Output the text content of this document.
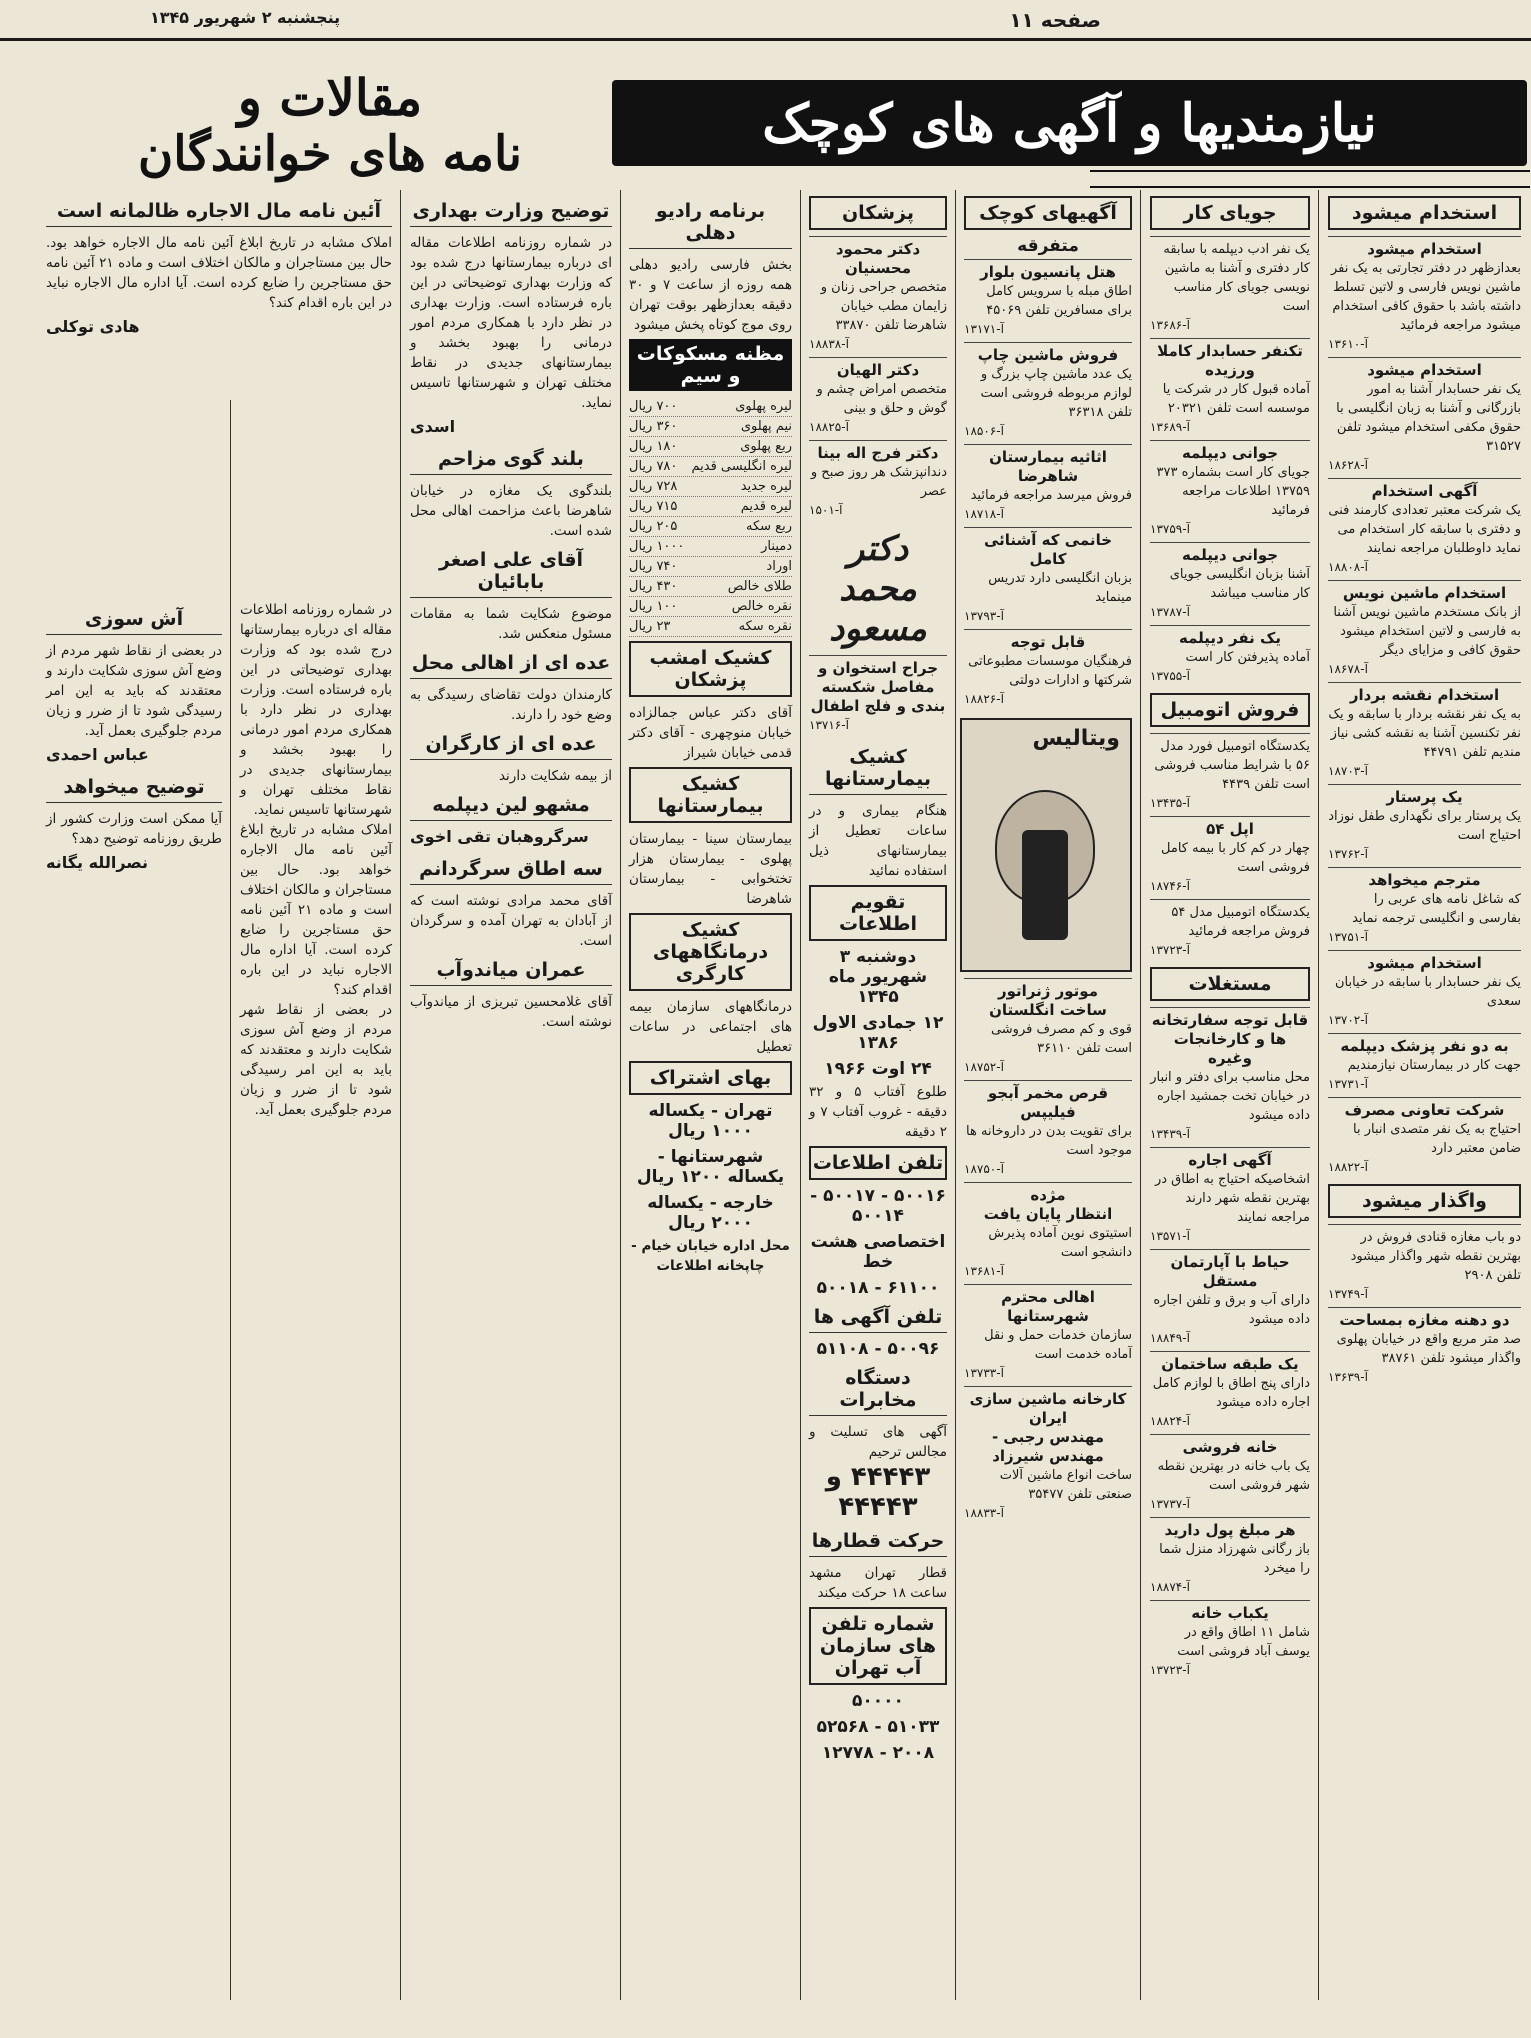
صفحه ۱۱
پنجشنبه ۲ شهریور ۱۳۴۵
نیازمندیها و آگهی های کوچک
مقالات و
نامه های خوانندگان
استخدام میشود
استخدام میشود
بعدازظهر در دفتر تجارتی به یک نفر ماشین نویس فارسی و لاتین تسلط داشته باشد با حقوق کافی استخدام میشود مراجعه فرمائید
آ-۱۳۶۱۰
استخدام میشود
یک نفر حسابدار آشنا به امور بازرگانی و آشنا به زبان انگلیسی با حقوق مکفی استخدام میشود تلفن ۳۱۵۲۷
آ-۱۸۶۲۸
آگهی استخدام
یک شرکت معتبر تعدادی کارمند فنی و دفتری با سابقه کار استخدام می نماید داوطلبان مراجعه نمایند
آ-۱۸۸۰۸
استخدام ماشین نویس
از بانک مستخدم ماشین نویس آشنا به فارسی و لاتین استخدام میشود حقوق کافی و مزایای دیگر
آ-۱۸۶۷۸
استخدام نقشه بردار
به یک نفر نقشه بردار با سابقه و یک نفر تکنسین آشنا به نقشه کشی نیاز مندیم تلفن ۴۴۷۹۱
آ-۱۸۷۰۳
یک پرستار
یک پرستار برای نگهداری طفل نوزاد احتیاج است
آ-۱۳۷۶۲
مترجم میخواهد
که شاغل نامه های عربی را بفارسی و انگلیسی ترجمه نماید
آ-۱۳۷۵۱
استخدام میشود
یک نفر حسابدار با سابقه در خیابان سعدی
آ-۱۳۷۰۲
به دو نفر پزشک دیپلمه
جهت کار در بیمارستان نیازمندیم
آ-۱۳۷۳۱
شرکت تعاونی مصرف
احتیاج به یک نفر متصدی انبار با ضامن معتبر دارد
آ-۱۸۸۲۲
واگذار میشود
دو باب مغازه قنادی فروش در بهترین نقطه شهر واگذار میشود تلفن ۲۹۰۸
آ-۱۳۷۴۹
دو دهنه مغازه بمساحت
صد متر مربع واقع در خیابان پهلوی واگذار میشود تلفن ۳۸۷۶۱
آ-۱۳۶۳۹
جویای کار
یک نفر ادب دیپلمه با سابقه کار دفتری و آشنا به ماشین نویسی جویای کار مناسب است
آ-۱۳۶۸۶
تکنفر حسابدار کاملا ورزیده
آماده قبول کار در شرکت یا موسسه است تلفن ۲۰۳۲۱
آ-۱۳۶۸۹
جوانی دیپلمه
جویای کار است بشماره ۳۷۳ ۱۳۷۵۹ اطلاعات مراجعه فرمائید
آ-۱۳۷۵۹
جوانی دیپلمه
آشنا بزبان انگلیسی جویای کار مناسب میباشد
آ-۱۳۷۸۷
یک نفر دیپلمه
آماده پذیرفتن کار است
آ-۱۳۷۵۵
فروش اتومبیل
یکدستگاه اتومبیل فورد مدل ۵۶ با شرایط مناسب فروشی است تلفن ۴۴۳۹
آ-۱۳۴۳۵
اپل ۵۴
چهار در کم کار با بیمه کامل فروشی است
آ-۱۸۷۴۶
یکدستگاه اتومبیل مدل ۵۴ فروش مراجعه فرمائید
آ-۱۳۷۲۳
مستغلات
قابل توجه سفارتخانه ها و کارخانجات وغیره
محل مناسب برای دفتر و انبار در خیابان تخت جمشید اجاره داده میشود
آ-۱۳۴۳۹
آگهی اجاره
اشخاصیکه احتیاج به اطاق در بهترین نقطه شهر دارند مراجعه نمایند
آ-۱۳۵۷۱
حیاط با آپارتمان مستقل
دارای آب و برق و تلفن اجاره داده میشود
آ-۱۸۸۴۹
یک طبقه ساختمان
دارای پنج اطاق با لوازم کامل اجاره داده میشود
آ-۱۸۸۲۴
خانه فروشی
یک باب خانه در بهترین نقطه شهر فروشی است
آ-۱۳۷۳۷
هر مبلغ پول دارید
باز رگانی شهرزاد منزل شما را میخرد
آ-۱۸۸۷۴
یکباب خانه
شامل ۱۱ اطاق واقع در یوسف آباد فروشی است
آ-۱۳۷۲۳
آگهیهای کوچک
متفرقه
هتل پانسیون بلوار
اطاق مبله با سرویس کامل برای مسافرین تلفن ۴۵۰۶۹
آ-۱۳۱۷۱
فروش ماشین چاپ
یک عدد ماشین چاپ بزرگ و لوازم مربوطه فروشی است تلفن ۳۶۳۱۸
آ-۱۸۵۰۶
اثاثیه بیمارستان شاهرضا
فروش میرسد مراجعه فرمائید
آ-۱۸۷۱۸
خانمی که آشنائی کامل
بزبان انگلیسی دارد تدریس مینماید
آ-۱۳۷۹۳
قابل توجه
فرهنگیان موسسات مطبوعاتی شرکتها و ادارات دولتی
آ-۱۸۸۲۶
ویتالیس
موتور ژنراتور
ساخت انگلستان
قوی و کم مصرف فروشی است تلفن ۳۶۱۱۰
آ-۱۸۷۵۲
قرص مخمر آبجو فیلیپس
برای تقویت بدن در داروخانه ها موجود است
آ-۱۸۷۵۰
مژده
انتظار پایان یافت
استیتوی نوین آماده پذیرش دانشجو است
آ-۱۳۶۸۱
اهالی محترم شهرستانها
سازمان خدمات حمل و نقل آماده خدمت است
آ-۱۳۷۳۳
کارخانه ماشین سازی ایران
مهندس رجبی - مهندس شیرزاد
ساخت انواع ماشین آلات صنعتی تلفن ۳۵۴۷۷
آ-۱۸۸۳۳
پزشکان
دکتر محمود محسنیان
متخصص جراحی زنان و زایمان مطب خیابان شاهرضا تلفن ۳۳۸۷۰
آ-۱۸۸۳۸
دکتر الهیان
متخصص امراض چشم و گوش و حلق و بینی
آ-۱۸۸۲۵
دکتر فرج اله بینا
دندانپزشک هر روز صبح و عصر
آ-۱۵۰۱
دکتر محمد مسعود
جراح استخوان و مفاصل شکسته بندی و فلج اطفال
آ-۱۳۷۱۶
کشیک بیمارستانها
هنگام بیماری و در ساعات تعطیل از بیمارستانهای ذیل استفاده نمائید
تقویم اطلاعات
دوشنبه ۳ شهریور ماه ۱۳۴۵
۱۲ جمادی الاول ۱۳۸۶
۲۴ اوت ۱۹۶۶
طلوع آفتاب ۵ و ۳۲ دقیقه - غروب آفتاب ۷ و ۲ دقیقه
تلفن اطلاعات
۵۰۰۱۶ - ۵۰۰۱۷ - ۵۰۰۱۴
اختصاصی هشت خط
۶۱۱۰۰ - ۵۰۰۱۸
تلفن آگهی ها
۵۰۰۹۶ - ۵۱۱۰۸
دستگاه مخابرات
آگهی های تسلیت و مجالس ترحیم
۴۴۴۴۳ و ۴۴۴۴۳
حرکت قطارها
قطار تهران مشهد ساعت ۱۸ حرکت میکند
شماره تلفن های سازمان آب تهران
۵۰۰۰۰
۵۱۰۳۳ - ۵۲۵۶۸
۲۰۰۸ - ۱۲۷۷۸
برنامه رادیو دهلی
بخش فارسی رادیو دهلی همه روزه از ساعت ۷ و ۳۰ دقیقه بعدازظهر بوقت تهران روی موج کوتاه پخش میشود
مظنه مسکوکات و سیم
لیره پهلوی
۷۰۰ ریال
نیم پهلوی
۳۶۰ ریال
ربع پهلوی
۱۸۰ ریال
لیره انگلیسی قدیم
۷۸۰ ریال
لیره جدید
۷۲۸ ریال
لیره قدیم
۷۱۵ ریال
ربع سکه
۲۰۵ ریال
دمینار
۱۰۰۰ ریال
اوراد
۷۴۰ ریال
طلای خالص
۴۳۰ ریال
نقره خالص
۱۰۰ ریال
نقره سکه
۲۳ ریال
کشیک امشب پزشکان
آقای دکتر عباس جمالزاده خیابان منوچهری - آقای دکتر قدمی خیابان شیراز
کشیک بیمارستانها
بیمارستان سینا - بیمارستان پهلوی - بیمارستان هزار تختخوابی - بیمارستان شاهرضا
کشیک درمانگاههای کارگری
درمانگاههای سازمان بیمه های اجتماعی در ساعات تعطیل
بهای اشتراک
تهران - یکساله ۱۰۰۰ ریال
شهرستانها - یکساله ۱۲۰۰ ریال
خارجه - یکساله ۲۰۰۰ ریال
محل اداره خیابان خیام - چاپخانه اطلاعات
توضیح وزارت بهداری
در شماره روزنامه اطلاعات مقاله ای درباره بیمارستانها درج شده بود که وزارت بهداری توضیحاتی در این باره فرستاده است. وزارت بهداری در نظر دارد با همکاری مردم امور درمانی را بهبود بخشد و بیمارستانهای جدیدی در نقاط مختلف تهران و شهرستانها تاسیس نماید.
اسدی
بلند گوی مزاحم
بلندگوی یک مغازه در خیابان شاهرضا باعث مزاحمت اهالی محل شده است.
آقای علی اصغر بابائیان
موضوع شکایت شما به مقامات مسئول منعکس شد.
عده ای از اهالی محل
کارمندان دولت تقاضای رسیدگی به وضع خود را دارند.
عده ای از کارگران
از بیمه شکایت دارند
مشهو لین دیپلمه
سرگروهبان تقی اخوی
سه اطاق سرگردانم
آقای محمد مرادی نوشته است که از آبادان به تهران آمده و سرگردان است.
عمران میاندوآب
آقای غلامحسین تبریزی از میاندوآب نوشته است.
آئین نامه مال الاجاره ظالمانه است
املاک مشابه در تاریخ ابلاغ آئین نامه مال الاجاره خواهد بود. حال بین مستاجران و مالکان اختلاف است و ماده ۲۱ آئین نامه حق مستاجرین را ضایع کرده است. آیا اداره مال الاجاره نباید در این باره اقدام کند؟
هادی توکلی
آش سوزی
در بعضی از نقاط شهر مردم از وضع آش سوزی شکایت دارند و معتقدند که باید به این امر رسیدگی شود تا از ضرر و زیان مردم جلوگیری بعمل آید.
عباس احمدی
توضیح میخواهد
آیا ممکن است وزارت کشور از طریق روزنامه توضیح دهد؟
نصرالله یگانه
در شماره روزنامه اطلاعات مقاله ای درباره بیمارستانها درج شده بود که وزارت بهداری توضیحاتی در این باره فرستاده است. وزارت بهداری در نظر دارد با همکاری مردم امور درمانی را بهبود بخشد و بیمارستانهای جدیدی در نقاط مختلف تهران و شهرستانها تاسیس نماید.
املاک مشابه در تاریخ ابلاغ آئین نامه مال الاجاره خواهد بود. حال بین مستاجران و مالکان اختلاف است و ماده ۲۱ آئین نامه حق مستاجرین را ضایع کرده است. آیا اداره مال الاجاره نباید در این باره اقدام کند؟
در بعضی از نقاط شهر مردم از وضع آش سوزی شکایت دارند و معتقدند که باید به این امر رسیدگی شود تا از ضرر و زیان مردم جلوگیری بعمل آید.
